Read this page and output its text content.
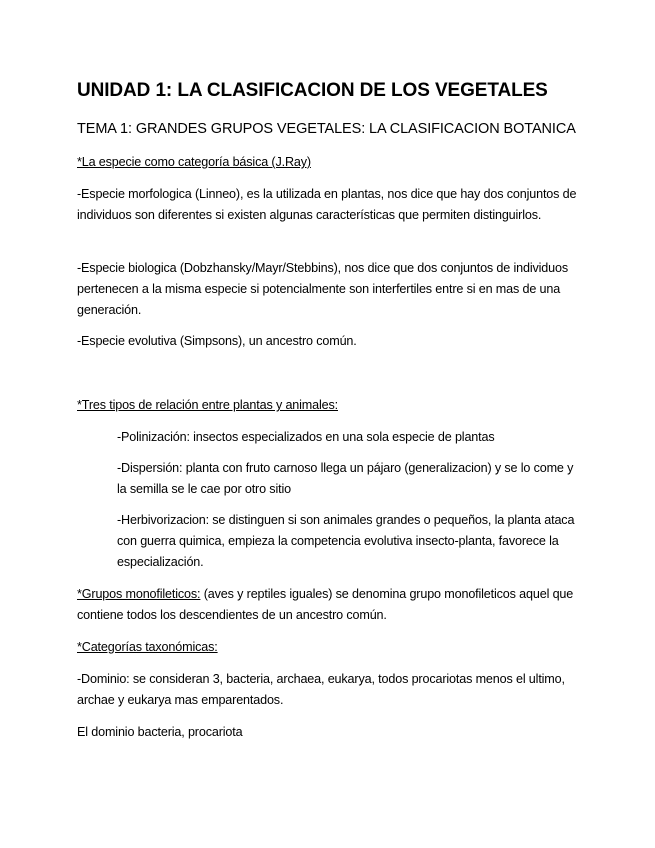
UNIDAD 1: LA CLASIFICACION DE LOS VEGETALES
TEMA 1: GRANDES GRUPOS VEGETALES: LA CLASIFICACION BOTANICA
*La especie como categoría básica (J.Ray)
-Especie morfologica (Linneo), es la utilizada en plantas, nos dice que hay dos conjuntos de individuos son diferentes si existen algunas características que permiten distinguirlos.
-Especie biologica (Dobzhansky/Mayr/Stebbins), nos dice que dos conjuntos de individuos pertenecen a la misma especie si potencialmente son interfertiles entre si en mas de una generación.
-Especie evolutiva (Simpsons), un ancestro común.
*Tres tipos de relación entre plantas y animales:
-Polinización: insectos especializados en una sola especie de plantas
-Dispersión: planta con fruto carnoso llega un pájaro (generalizacion) y se lo come y la semilla se le cae por otro sitio
-Herbivorizacion: se distinguen si son animales grandes o pequeños, la planta ataca con guerra quimica, empieza la competencia evolutiva insecto-planta, favorece la especialización.
*Grupos monofileticos: (aves y reptiles iguales) se denomina grupo monofileticos aquel que contiene todos los descendientes de un ancestro común.
*Categorías taxonómicas:
-Dominio: se consideran 3, bacteria, archaea, eukarya, todos procariotas menos el ultimo, archae y eukarya mas emparentados.
El dominio bacteria, procariota
